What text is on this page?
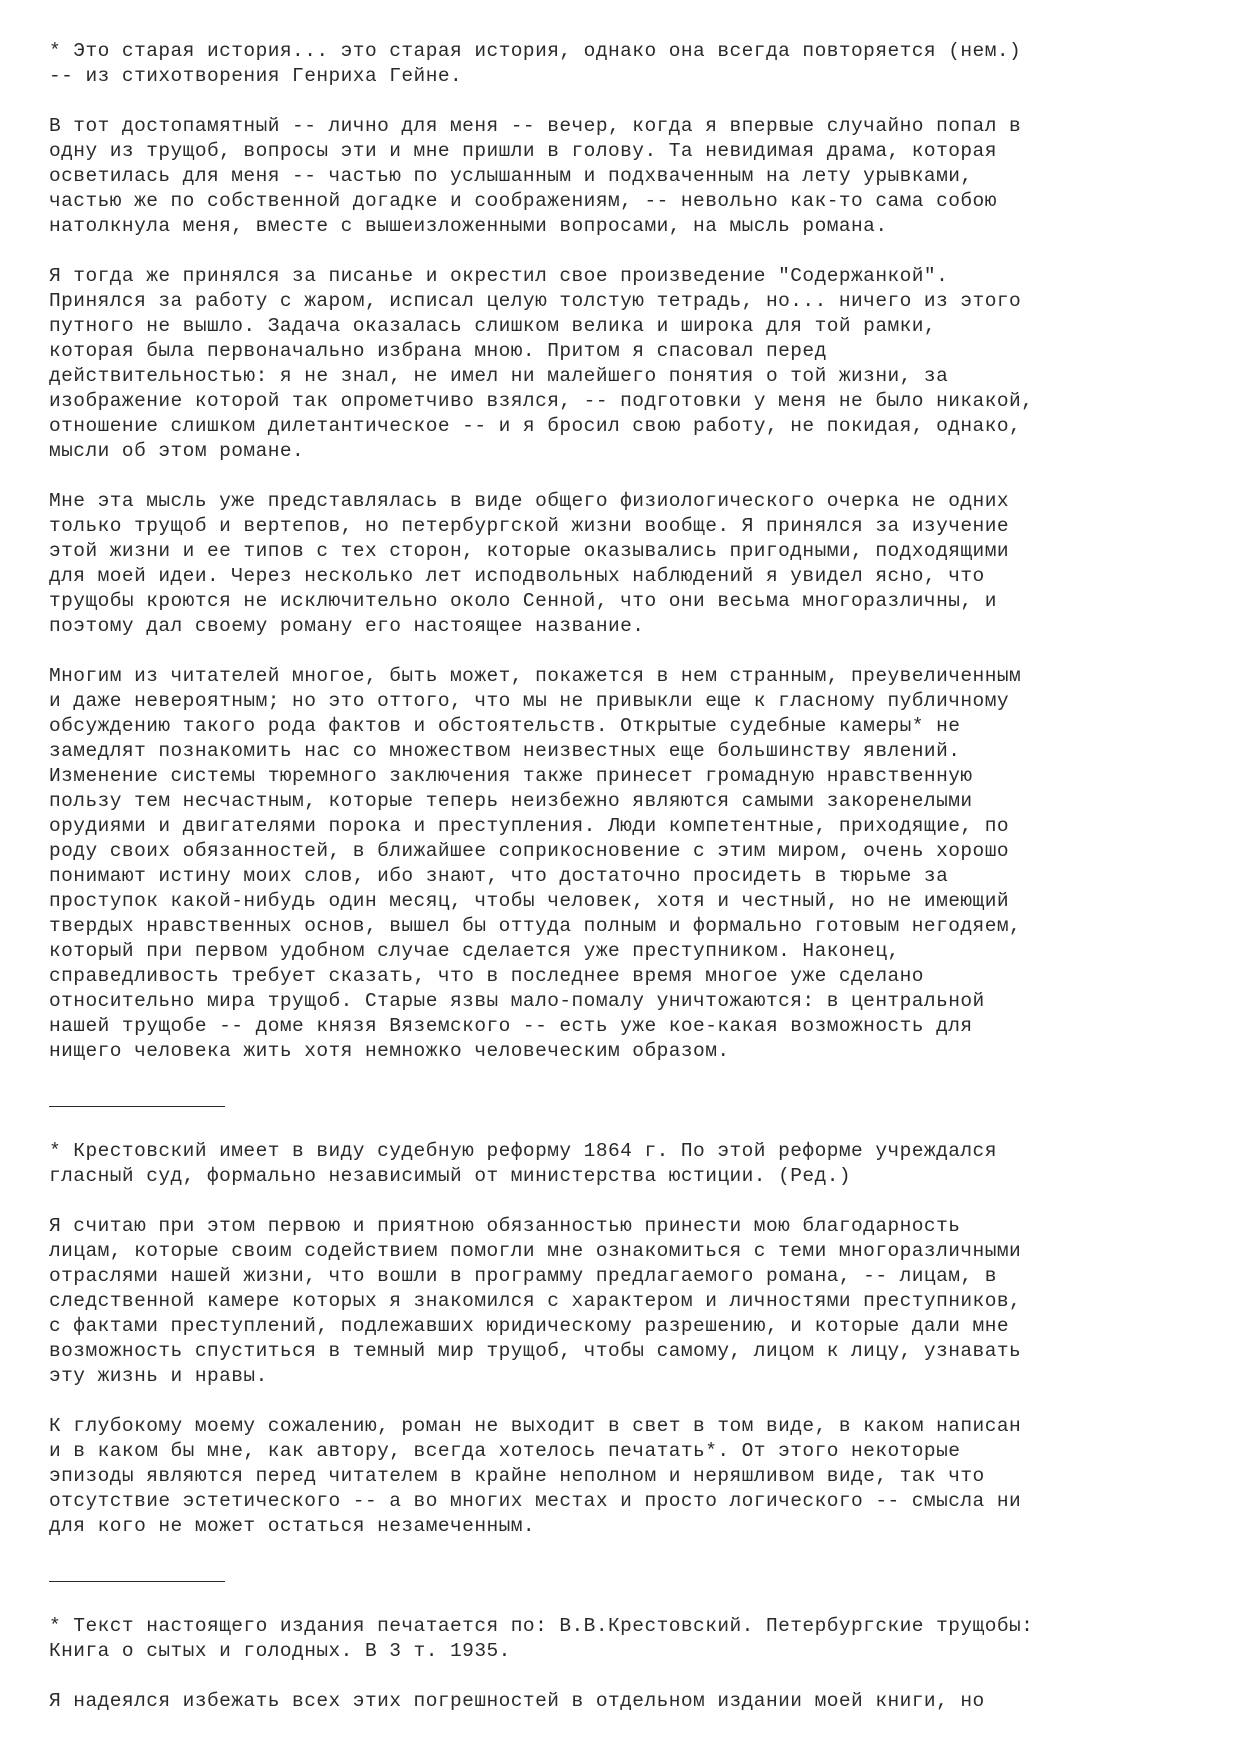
* Это старая история... это старая история, однако она всегда повторяется (нем.)
-- из стихотворения Генриха Гейне.
В тот достопамятный -- лично для меня -- вечер, когда я впервые случайно попал в
одну из трущоб, вопросы эти и мне пришли в голову. Та невидимая драма, которая
осветилась для меня -- частью по услышанным и подхваченным на лету урывками,
частью же по собственной догадке и соображениям, -- невольно как-то сама собою
натолкнула меня, вместе с вышеизложенными вопросами, на мысль романа.
Я тогда же принялся за писанье и окрестил свое произведение "Содержанкой".
Принялся за работу с жаром, исписал целую толстую тетрадь, но... ничего из этого
путного не вышло. Задача оказалась слишком велика и широка для той рамки,
которая была первоначально избрана мною. Притом я спасовал перед
действительностью: я не знал, не имел ни малейшего понятия о той жизни, за
изображение которой так опрометчиво взялся, -- подготовки у меня не было никакой,
отношение слишком дилетантическое -- и я бросил свою работу, не покидая, однако,
мысли об этом романе.
Мне эта мысль уже представлялась в виде общего физиологического очерка не одних
только трущоб и вертепов, но петербургской жизни вообще. Я принялся за изучение
этой жизни и ее типов с тех сторон, которые оказывались пригодными, подходящими
для моей идеи. Через несколько лет исподвольных наблюдений я увидел ясно, что
трущобы кроются не исключительно около Сенной, что они весьма многоразличны, и
поэтому дал своему роману его настоящее название.
Многим из читателей многое, быть может, покажется в нем странным, преувеличенным
и даже невероятным; но это оттого, что мы не привыкли еще к гласному публичному
обсуждению такого рода фактов и обстоятельств. Открытые судебные камеры* не
замедлят познакомить нас со множеством неизвестных еще большинству явлений.
Изменение системы тюремного заключения также принесет громадную нравственную
пользу тем несчастным, которые теперь неизбежно являются самыми закоренелыми
орудиями и двигателями порока и преступления. Люди компетентные, приходящие, по
роду своих обязанностей, в ближайшее соприкосновение с этим миром, очень хорошо
понимают истину моих слов, ибо знают, что достаточно просидеть в тюрьме за
проступок какой-нибудь один месяц, чтобы человек, хотя и честный, но не имеющий
твердых нравственных основ, вышел бы оттуда полным и формально готовым негодяем,
который при первом удобном случае сделается уже преступником. Наконец,
справедливость требует сказать, что в последнее время многое уже сделано
относительно мира трущоб. Старые язвы мало-помалу уничтожаются: в центральной
нашей трущобе -- доме князя Вяземского -- есть уже кое-какая возможность для
нищего человека жить хотя немножко человеческим образом.
* Крестовский имеет в виду судебную реформу 1864 г. По этой реформе учреждался
гласный суд, формально независимый от министерства юстиции. (Ред.)
Я считаю при этом первою и приятною обязанностью принести мою благодарность
лицам, которые своим содействием помогли мне ознакомиться с теми многоразличными
отраслями нашей жизни, что вошли в программу предлагаемого романа, -- лицам, в
следственной камере которых я знакомился с характером и личностями преступников,
с фактами преступлений, подлежавших юридическому разрешению, и которые дали мне
возможность спуститься в темный мир трущоб, чтобы самому, лицом к лицу, узнавать
эту жизнь и нравы.
К глубокому моему сожалению, роман не выходит в свет в том виде, в каком написан
и в каком бы мне, как автору, всегда хотелось печатать*. От этого некоторые
эпизоды являются перед читателем в крайне неполном и неряшливом виде, так что
отсутствие эстетического -- а во многих местах и просто логического -- смысла ни
для кого не может остаться незамеченным.
* Текст настоящего издания печатается по: В.В.Крестовский. Петербургские трущобы:
Книга о сытых и голодных. В 3 т. 1935.
Я надеялся избежать всех этих погрешностей в отдельном издании моей книги, но
